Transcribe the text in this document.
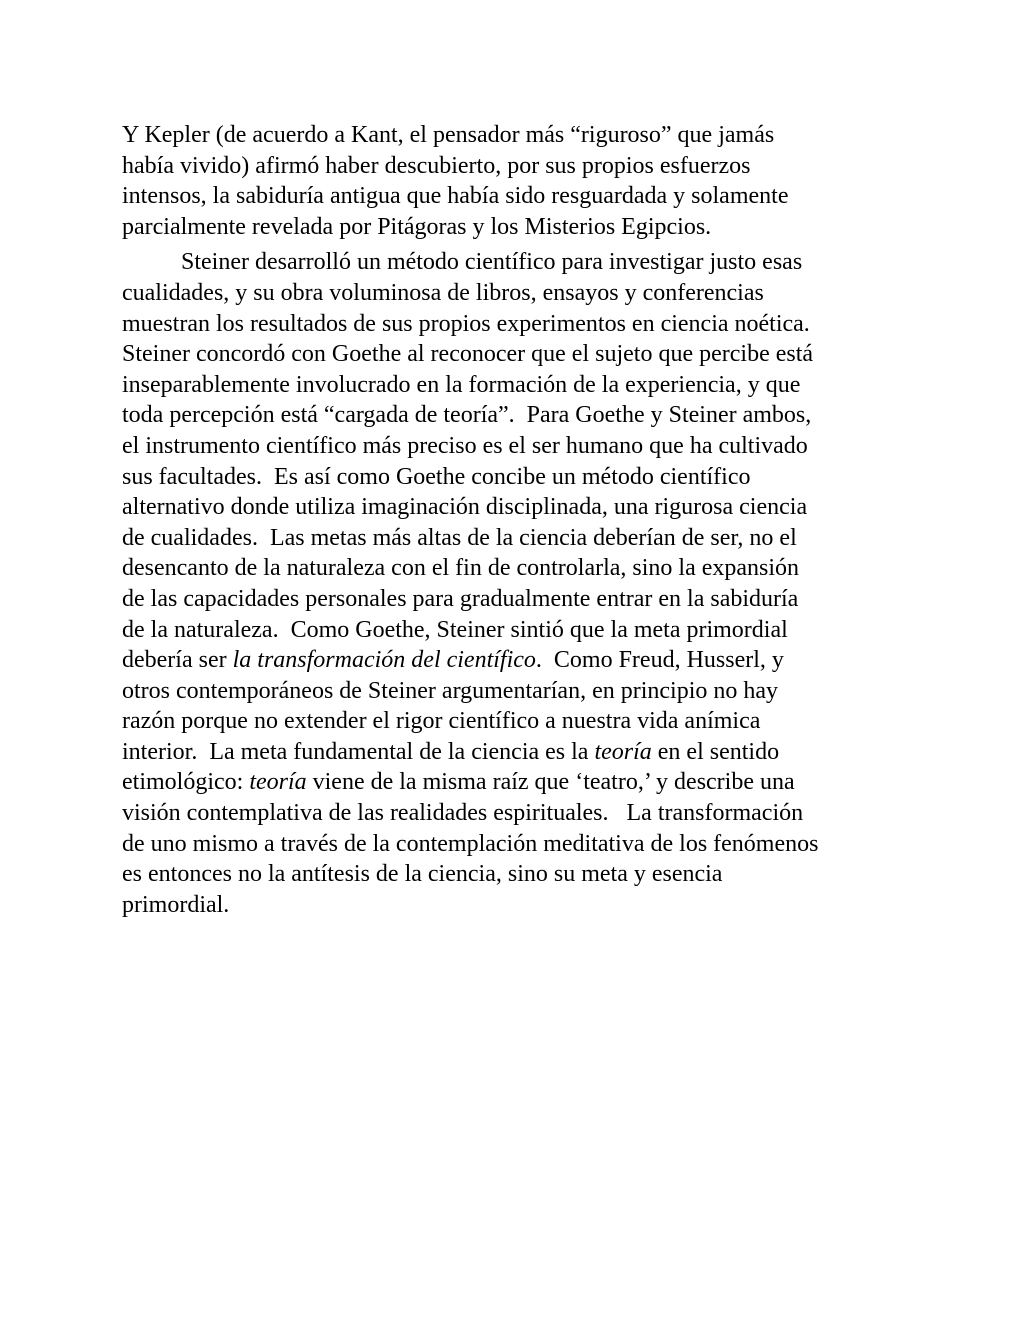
Y Kepler (de acuerdo a Kant, el pensador más “riguroso” que jamás
había vivido) afirmó haber descubierto, por sus propios esfuerzos
intensos, la sabiduría antigua que había sido resguardada y solamente
parcialmente revelada por Pitágoras y los Misterios Egipcios.
Steiner desarrolló un método científico para investigar justo esas
cualidades, y su obra voluminosa de libros, ensayos y conferencias
muestran los resultados de sus propios experimentos en ciencia noética.
Steiner concordó con Goethe al reconocer que el sujeto que percibe está
inseparablemente involucrado en la formación de la experiencia, y que
toda percepción está “cargada de teoría”.  Para Goethe y Steiner ambos,
el instrumento científico más preciso es el ser humano que ha cultivado
sus facultades.  Es así como Goethe concibe un método científico
alternativo donde utiliza imaginación disciplinada, una rigurosa ciencia
de cualidades.  Las metas más altas de la ciencia deberían de ser, no el
desencanto de la naturaleza con el fin de controlarla, sino la expansión
de las capacidades personales para gradualmente entrar en la sabiduría
de la naturaleza.  Como Goethe, Steiner sintió que la meta primordial
debería ser la transformación del científico.  Como Freud, Husserl, y
otros contemporáneos de Steiner argumentarían, en principio no hay
razón porque no extender el rigor científico a nuestra vida anímica
interior.  La meta fundamental de la ciencia es la teoría en el sentido
etimológico: teoría viene de la misma raíz que ‘teatro,’ y describe una
visión contemplativa de las realidades espirituales.   La transformación
de uno mismo a través de la contemplación meditativa de los fenómenos
es entonces no la antítesis de la ciencia, sino su meta y esencia
primordial.
